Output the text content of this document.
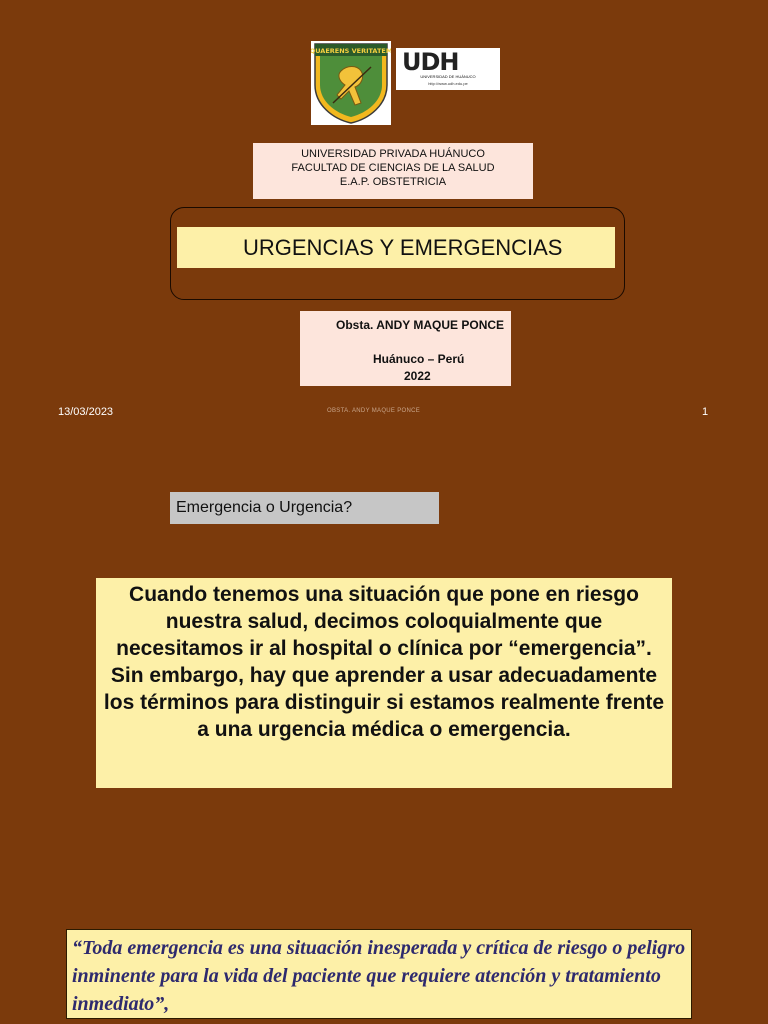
QUAERENS VERITATEM UDH
UNIVERSIDAD DE HUÁNUCO
http://www.udh.edu.pe
UNIVERSIDAD PRIVADA HUÁNUCO
FACULTAD DE CIENCIAS DE LA SALUD
E.A.P. OBSTETRICIA
URGENCIAS Y EMERGENCIAS
Obsta. ANDY MAQUE PONCE
Huánuco – Perú
2022
13/03/2023	OBSTA. ANDY MAQUE PONCE	1
Emergencia o Urgencia?
Cuando tenemos una situación que pone en riesgo nuestra salud, decimos coloquialmente que necesitamos ir al hospital o clínica por “emergencia”. Sin embargo, hay que aprender a usar adecuadamente los términos para distinguir si estamos realmente frente a una urgencia médica o emergencia.
“Toda emergencia es una situación inesperada y crítica de riesgo o peligro inminente para la vida del paciente que requiere atención y tratamiento inmediato”,
